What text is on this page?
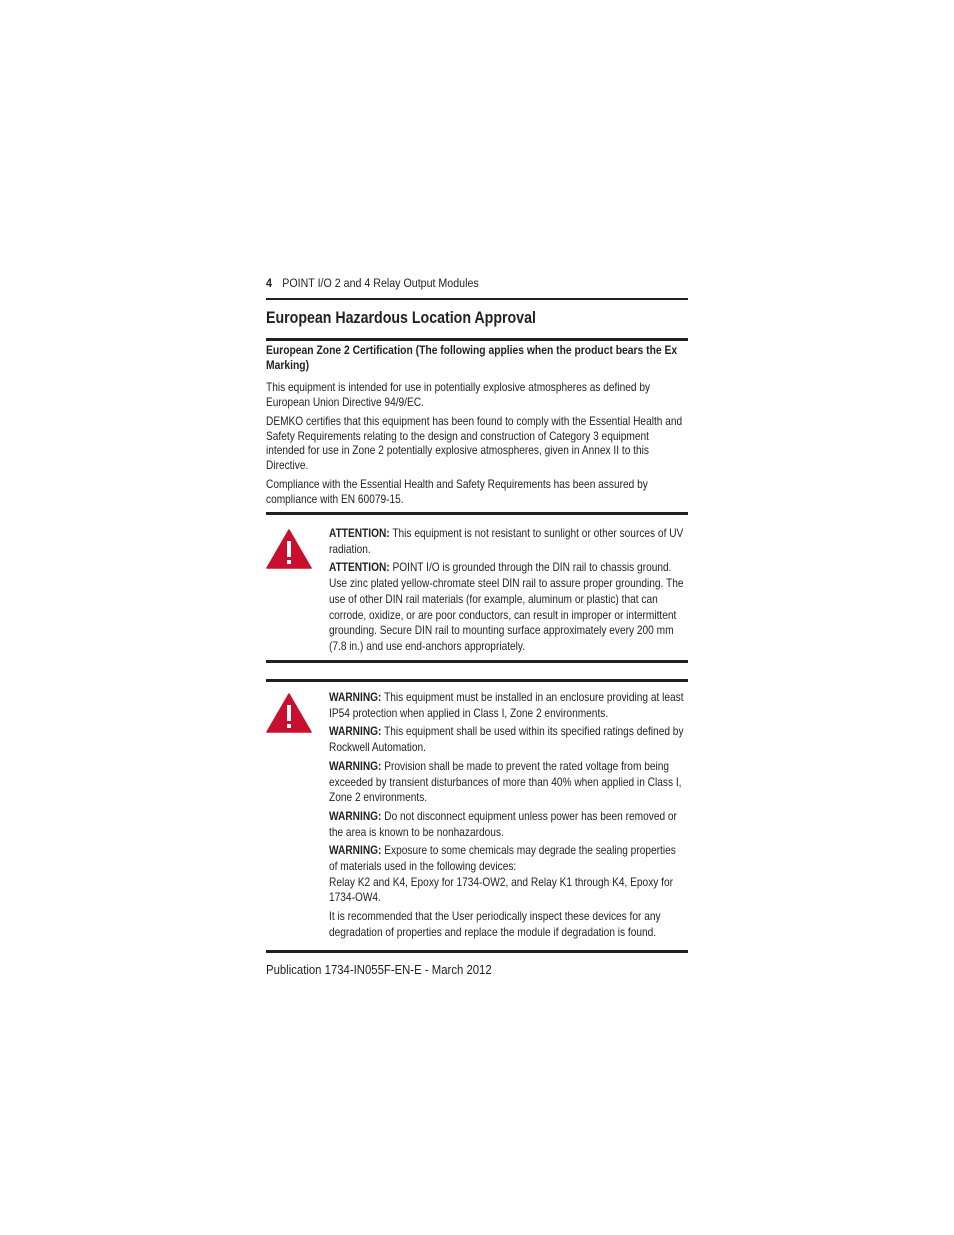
4 POINT I/O 2 and 4 Relay Output Modules
European Hazardous Location Approval
European Zone 2 Certification (The following applies when the product bears the Ex Marking)

This equipment is intended for use in potentially explosive atmospheres as defined by European Union Directive 94/9/EC.

DEMKO certifies that this equipment has been found to comply with the Essential Health and Safety Requirements relating to the design and construction of Category 3 equipment intended for use in Zone 2 potentially explosive atmospheres, given in Annex II to this Directive.

Compliance with the Essential Health and Safety Requirements has been assured by compliance with EN 60079-15.

ATTENTION: This equipment is not resistant to sunlight or other sources of UV radiation.

ATTENTION: POINT I/O is grounded through the DIN rail to chassis ground. Use zinc plated yellow-chromate steel DIN rail to assure proper grounding. The use of other DIN rail materials (for example, aluminum or plastic) that can corrode, oxidize, or are poor conductors, can result in improper or intermittent grounding. Secure DIN rail to mounting surface approximately every 200 mm (7.8 in.) and use end-anchors appropriately.

WARNING: This equipment must be installed in an enclosure providing at least IP54 protection when applied in Class I, Zone 2 environments.

WARNING: This equipment shall be used within its specified ratings defined by Rockwell Automation.

WARNING: Provision shall be made to prevent the rated voltage from being exceeded by transient disturbances of more than 40% when applied in Class I, Zone 2 environments.

WARNING: Do not disconnect equipment unless power has been removed or the area is known to be nonhazardous.

WARNING: Exposure to some chemicals may degrade the sealing properties of materials used in the following devices:

Relay K2 and K4, Epoxy for 1734-OW2, and Relay K1 through K4, Epoxy for 1734-OW4.

It is recommended that the User periodically inspect these devices for any degradation of properties and replace the module if degradation is found.

Publication 1734-IN055F-EN-E - March 2012
